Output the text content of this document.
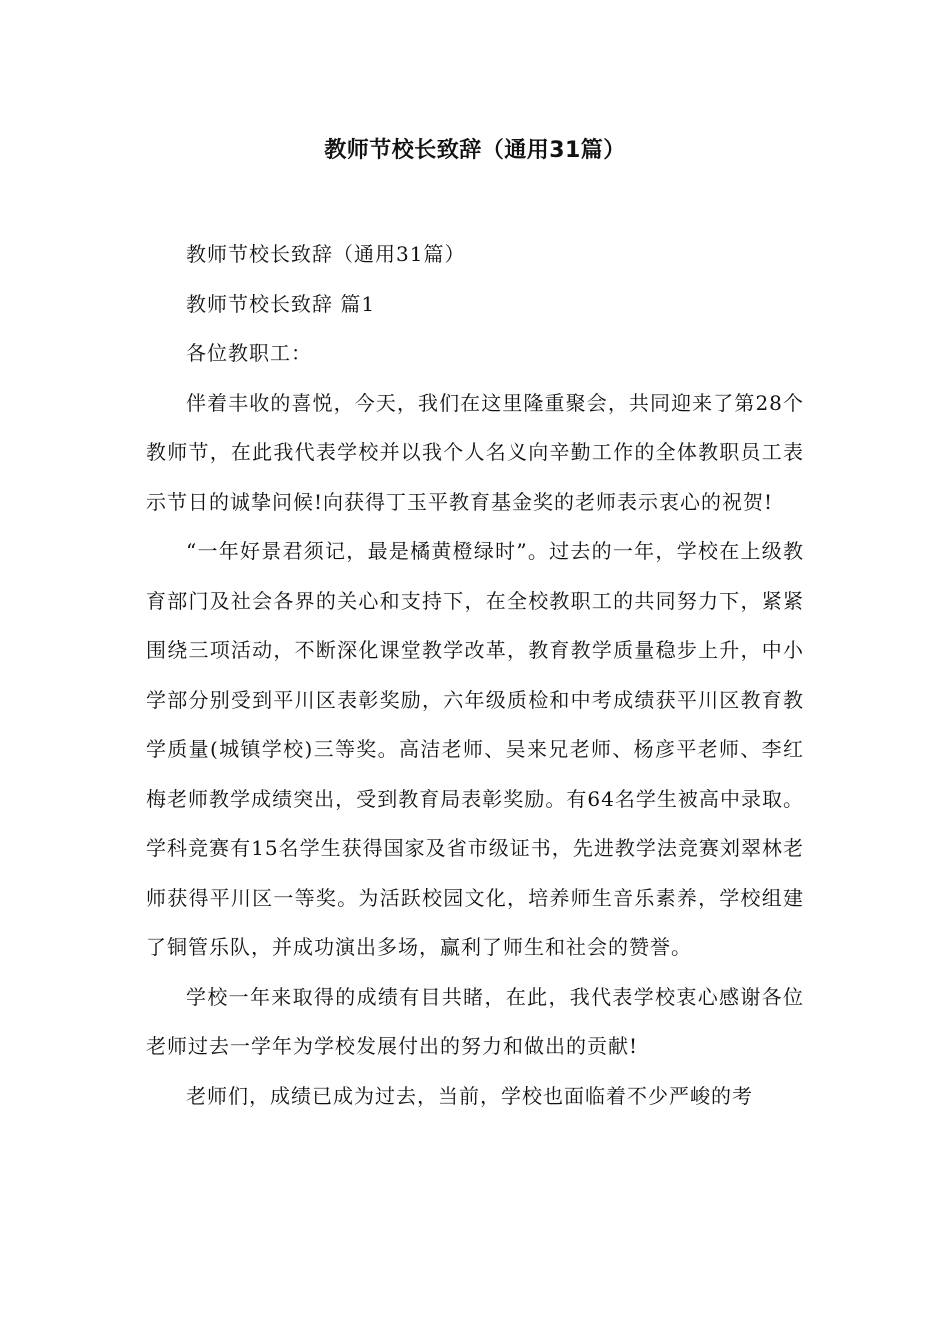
教师节校长致辞（通用31篇）

教师节校长致辞（通用31篇）

教师节校长致辞 篇1

各位教职工：

伴着丰收的喜悦，今天，我们在这里隆重聚会，共同迎来了第28个教师节，在此我代表学校并以我个人名义向辛勤工作的全体教职员工表示节日的诚挚问候!向获得丁玉平教育基金奖的老师表示衷心的祝贺!

“一年好景君须记，最是橘黄橙绿时”。过去的一年，学校在上级教育部门及社会各界的关心和支持下，在全校教职工的共同努力下，紧紧围绕三项活动，不断深化课堂教学改革，教育教学质量稳步上升，中小学部分别受到平川区表彰奖励，六年级质检和中考成绩获平川区教育教学质量(城镇学校)三等奖。高洁老师、吴来兄老师、杨彦平老师、李红梅老师教学成绩突出，受到教育局表彰奖励。有64名学生被高中录取。学科竞赛有15名学生获得国家及省市级证书，先进教学法竞赛刘翠林老师获得平川区一等奖。为活跃校园文化，培养师生音乐素养，学校组建了铜管乐队，并成功演出多场，赢利了师生和社会的赞誉。

学校一年来取得的成绩有目共睹，在此，我代表学校衷心感谢各位老师过去一学年为学校发展付出的努力和做出的贡献!

老师们，成绩已成为过去，当前，学校也面临着不少严峻的考
